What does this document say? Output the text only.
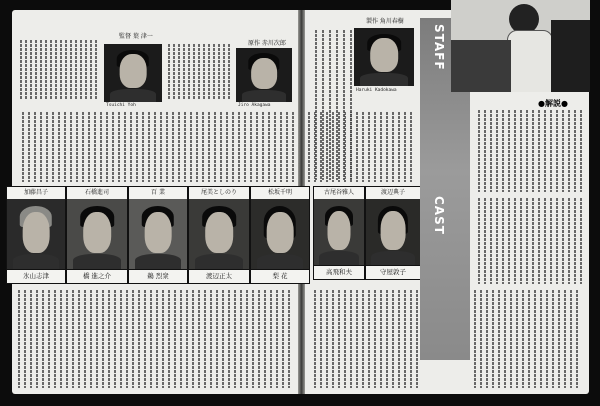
監督 葉 津一
Tsuichi Yoh
原作 赤川次郎
Jiro Akagawa
製作 角川春樹
Haruki Kadokawa
加藤昌子
氷山志津
石橋進司
橋 進之介
百 業
鵜 烈衆
尾美としのり
渡辺正太
松坂千明
梨 花
古尾谷雅人
高飛和夫
渡辺典子
守屋敦子
STAFF
CAST
●解説●
